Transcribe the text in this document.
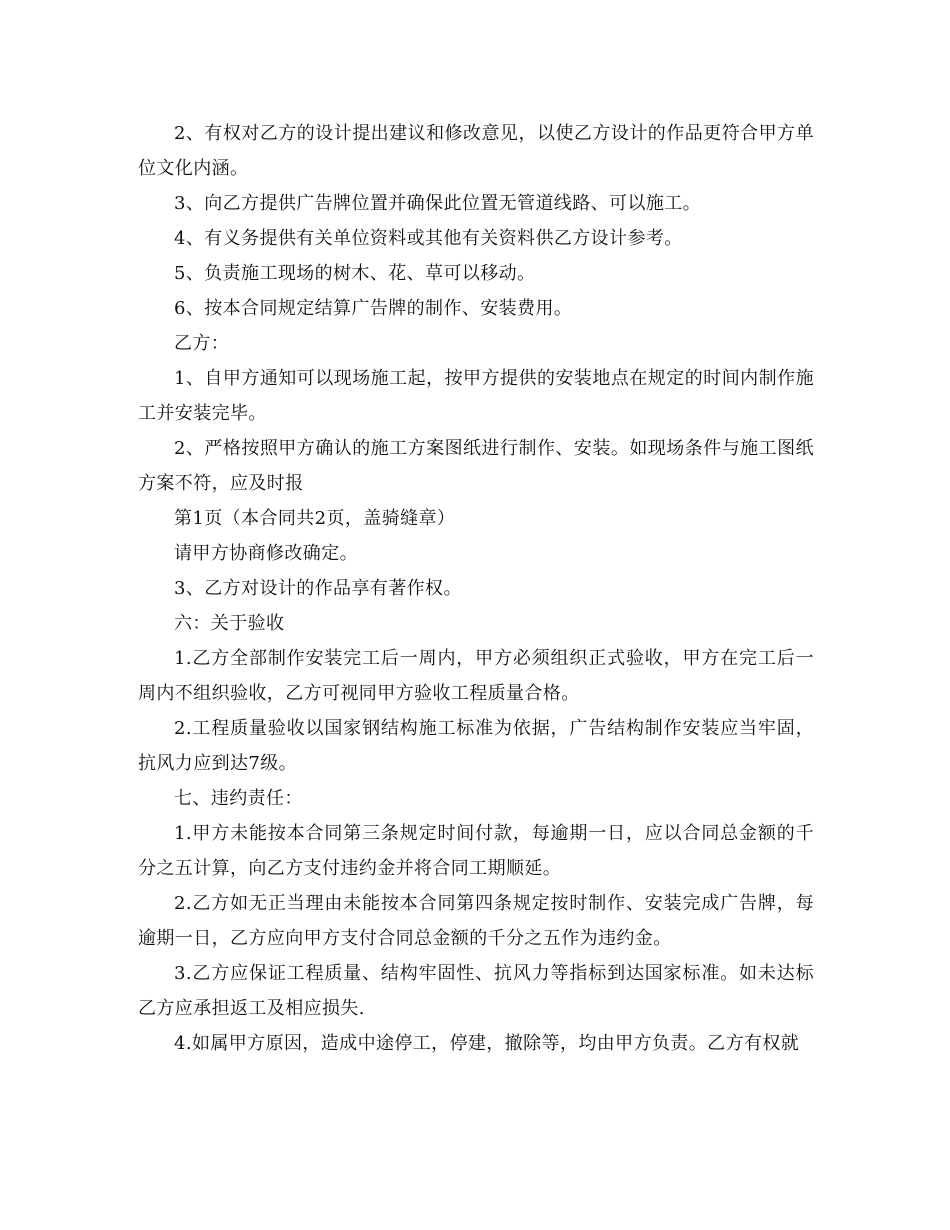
2、有权对乙方的设计提出建议和修改意见，以使乙方设计的作品更符合甲方单位文化内涵。

3、向乙方提供广告牌位置并确保此位置无管道线路、可以施工。

4、有义务提供有关单位资料或其他有关资料供乙方设计参考。

5、负责施工现场的树木、花、草可以移动。

6、按本合同规定结算广告牌的制作、安装费用。

乙方：

1、自甲方通知可以现场施工起，按甲方提供的安装地点在规定的时间内制作施工并安装完毕。

2、严格按照甲方确认的施工方案图纸进行制作、安装。如现场条件与施工图纸方案不符，应及时报

第1页（本合同共2页，盖骑缝章）

请甲方协商修改确定。

3、乙方对设计的作品享有著作权。

六：关于验收

1.乙方全部制作安装完工后一周内，甲方必须组织正式验收，甲方在完工后一周内不组织验收，乙方可视同甲方验收工程质量合格。

2.工程质量验收以国家钢结构施工标准为依据，广告结构制作安装应当牢固，抗风力应到达7级。

七、违约责任：

1.甲方未能按本合同第三条规定时间付款，每逾期一日，应以合同总金额的千分之五计算，向乙方支付违约金并将合同工期顺延。

2.乙方如无正当理由未能按本合同第四条规定按时制作、安装完成广告牌，每逾期一日，乙方应向甲方支付合同总金额的千分之五作为违约金。

3.乙方应保证工程质量、结构牢固性、抗风力等指标到达国家标准。如未达标乙方应承担返工及相应损失.

4.如属甲方原因，造成中途停工，停建，撤除等，均由甲方负责。乙方有权就
